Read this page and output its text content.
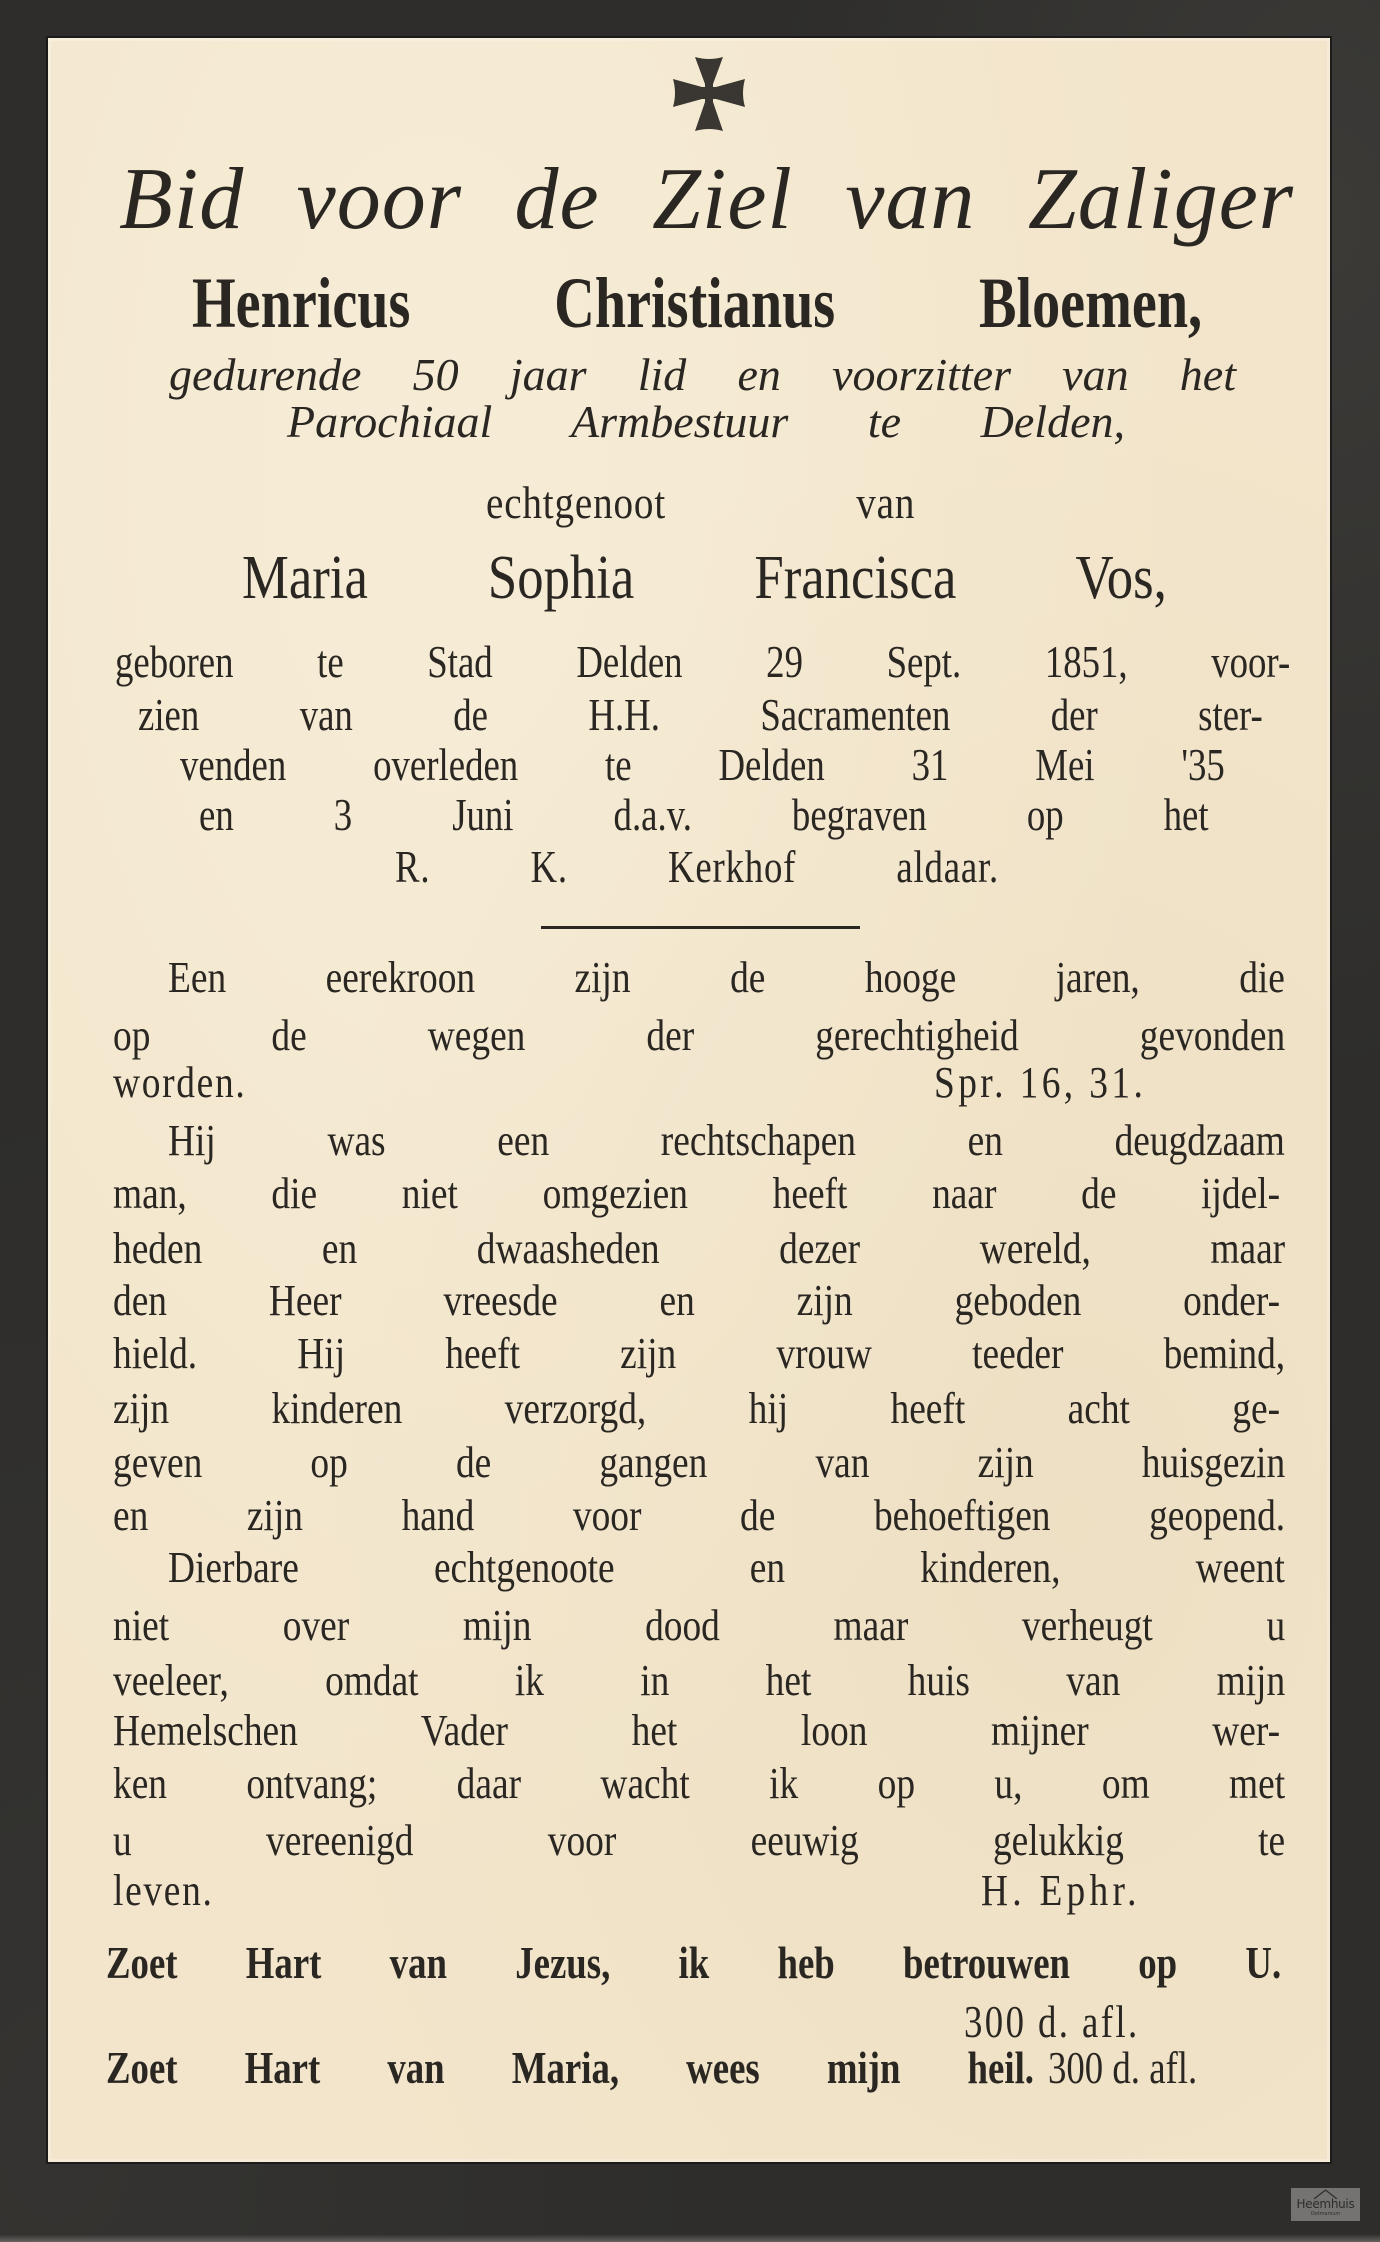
Bid voor de Ziel van Zaliger
Henricus Christianus Bloemen,
gedurende 50 jaar lid en voorzitter van het
Parochiaal Armbestuur te Delden,
echtgenoot van
Maria Sophia Francisca Vos,
geboren te Stad Delden 29 Sept. 1851, voor-
zien van de H.H. Sacramenten der ster-
venden overleden te Delden 31 Mei '35
en 3 Juni d.a.v. begraven op het
R. K. Kerkhof aldaar.
Een eerekroon zijn de hooge jaren, die
op de wegen der gerechtigheid gevonden
worden.	Spr. 16, 31.
Hij was een rechtschapen en deugdzaam
man, die niet omgezien heeft naar de ijdel-
heden en dwaasheden dezer wereld, maar
den Heer vreesde en zijn geboden onder-
hield. Hij heeft zijn vrouw teeder bemind,
zijn kinderen verzorgd, hij heeft acht ge-
geven op de gangen van zijn huisgezin
en zijn hand voor de behoeftigen geopend.
Dierbare echtgenoote en kinderen, weent
niet over mijn dood maar verheugt u
veeleer, omdat ik in het huis van mijn
Hemelschen Vader het loon mijner wer-
ken ontvang; daar wacht ik op u, om met
u vereenigd voor eeuwig gelukkig te
leven.	H. Ephr.
Zoet Hart van Jezus, ik heb betrouwen op U.
300 d. afl.
Zoet Hart van Maria, wees mijn heil. 300 d. afl.
Heemhuis
Ootmarsum
